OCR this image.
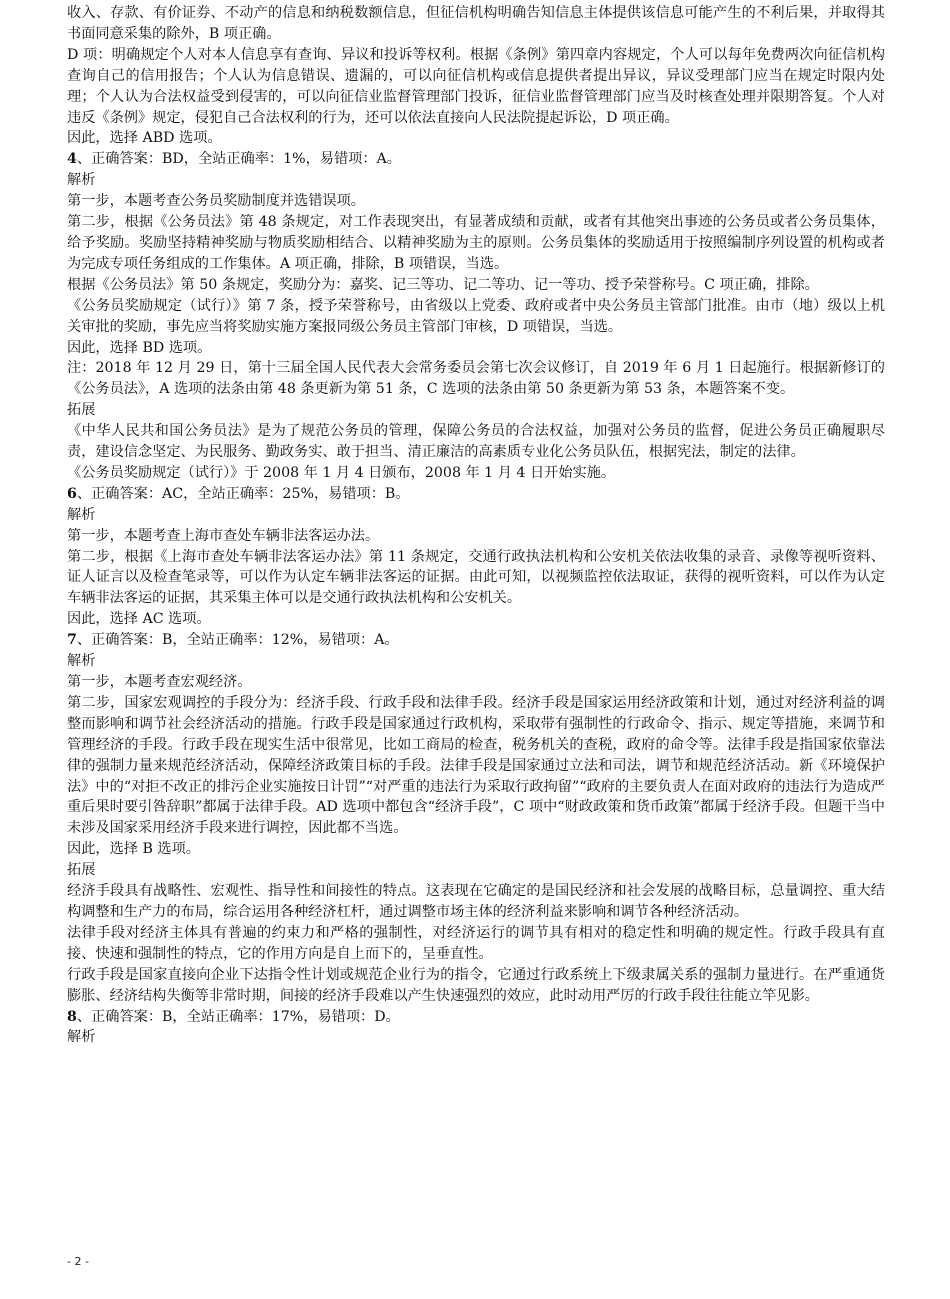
收入、存款、有价证券、不动产的信息和纳税数额信息，但征信机构明确告知信息主体提供该信息可能产生的不利后果，并取得其书面同意采集的除外，B 项正确。

D 项：明确规定个人对本人信息享有查询、异议和投诉等权利。根据《条例》第四章内容规定，个人可以每年免费两次向征信机构查询自己的信用报告；个人认为信息错误、遗漏的，可以向征信机构或信息提供者提出异议，异议受理部门应当在规定时限内处理；个人认为合法权益受到侵害的，可以向征信业监督管理部门投诉，征信业监督管理部门应当及时核查处理并限期答复。个人对违反《条例》规定，侵犯自己合法权利的行为，还可以依法直接向人民法院提起诉讼，D 项正确。

因此，选择 ABD 选项。

4、正确答案：BD，全站正确率：1%，易错项：A。

解析

第一步，本题考查公务员奖励制度并选错误项。

第二步，根据《公务员法》第 48 条规定，对工作表现突出，有显著成绩和贡献，或者有其他突出事迹的公务员或者公务员集体，给予奖励。奖励坚持精神奖励与物质奖励相结合、以精神奖励为主的原则。公务员集体的奖励适用于按照编制序列设置的机构或者为完成专项任务组成的工作集体。A 项正确，排除，B 项错误，当选。

根据《公务员法》第 50 条规定，奖励分为：嘉奖、记三等功、记二等功、记一等功、授予荣誉称号。C 项正确，排除。

《公务员奖励规定（试行）》第 7 条，授予荣誉称号，由省级以上党委、政府或者中央公务员主管部门批准。由市（地）级以上机关审批的奖励，事先应当将奖励实施方案报同级公务员主管部门审核，D 项错误，当选。

因此，选择 BD 选项。

注：2018 年 12 月 29 日，第十三届全国人民代表大会常务委员会第七次会议修订，自 2019 年 6 月 1 日起施行。根据新修订的《公务员法》，A 选项的法条由第 48 条更新为第 51 条，C 选项的法条由第 50 条更新为第 53 条，本题答案不变。

拓展

《中华人民共和国公务员法》是为了规范公务员的管理，保障公务员的合法权益，加强对公务员的监督，促进公务员正确履职尽责，建设信念坚定、为民服务、勤政务实、敢于担当、清正廉洁的高素质专业化公务员队伍，根据宪法，制定的法律。

《公务员奖励规定（试行）》于 2008 年 1 月 4 日颁布，2008 年 1 月 4 日开始实施。

6、正确答案：AC，全站正确率：25%，易错项：B。

解析

第一步，本题考查上海市查处车辆非法客运办法。

第二步，根据《上海市查处车辆非法客运办法》第 11 条规定，交通行政执法机构和公安机关依法收集的录音、录像等视听资料、证人证言以及检查笔录等，可以作为认定车辆非法客运的证据。由此可知，以视频监控依法取证，获得的视听资料，可以作为认定车辆非法客运的证据，其采集主体可以是交通行政执法机构和公安机关。

因此，选择 AC 选项。

7、正确答案：B，全站正确率：12%，易错项：A。

解析

第一步，本题考查宏观经济。

第二步，国家宏观调控的手段分为：经济手段、行政手段和法律手段。经济手段是国家运用经济政策和计划，通过对经济利益的调整而影响和调节社会经济活动的措施。行政手段是国家通过行政机构，采取带有强制性的行政命令、指示、规定等措施，来调节和管理经济的手段。行政手段在现实生活中很常见，比如工商局的检查，税务机关的查税，政府的命令等。法律手段是指国家依靠法律的强制力量来规范经济活动，保障经济政策目标的手段。法律手段是国家通过立法和司法，调节和规范经济活动。新《环境保护法》中的“对拒不改正的排污企业实施按日计罚”“对严重的违法行为采取行政拘留”“政府的主要负责人在面对政府的违法行为造成严重后果时要引咎辞职”都属于法律手段。AD 选项中都包含“经济手段”，C 项中“财政政策和货币政策”都属于经济手段。但题干当中未涉及国家采用经济手段来进行调控，因此都不当选。

因此，选择 B 选项。

拓展

经济手段具有战略性、宏观性、指导性和间接性的特点。这表现在它确定的是国民经济和社会发展的战略目标，总量调控、重大结构调整和生产力的布局，综合运用各种经济杠杆，通过调整市场主体的经济利益来影响和调节各种经济活动。

法律手段对经济主体具有普遍的约束力和严格的强制性，对经济运行的调节具有相对的稳定性和明确的规定性。行政手段具有直接、快速和强制性的特点，它的作用方向是自上而下的，呈垂直性。

行政手段是国家直接向企业下达指令性计划或规范企业行为的指令，它通过行政系统上下级隶属关系的强制力量进行。在严重通货膨胀、经济结构失衡等非常时期，间接的经济手段难以产生快速强烈的效应，此时动用严厉的行政手段往往能立竿见影。

8、正确答案：B，全站正确率：17%，易错项：D。

解析

- 2 -
